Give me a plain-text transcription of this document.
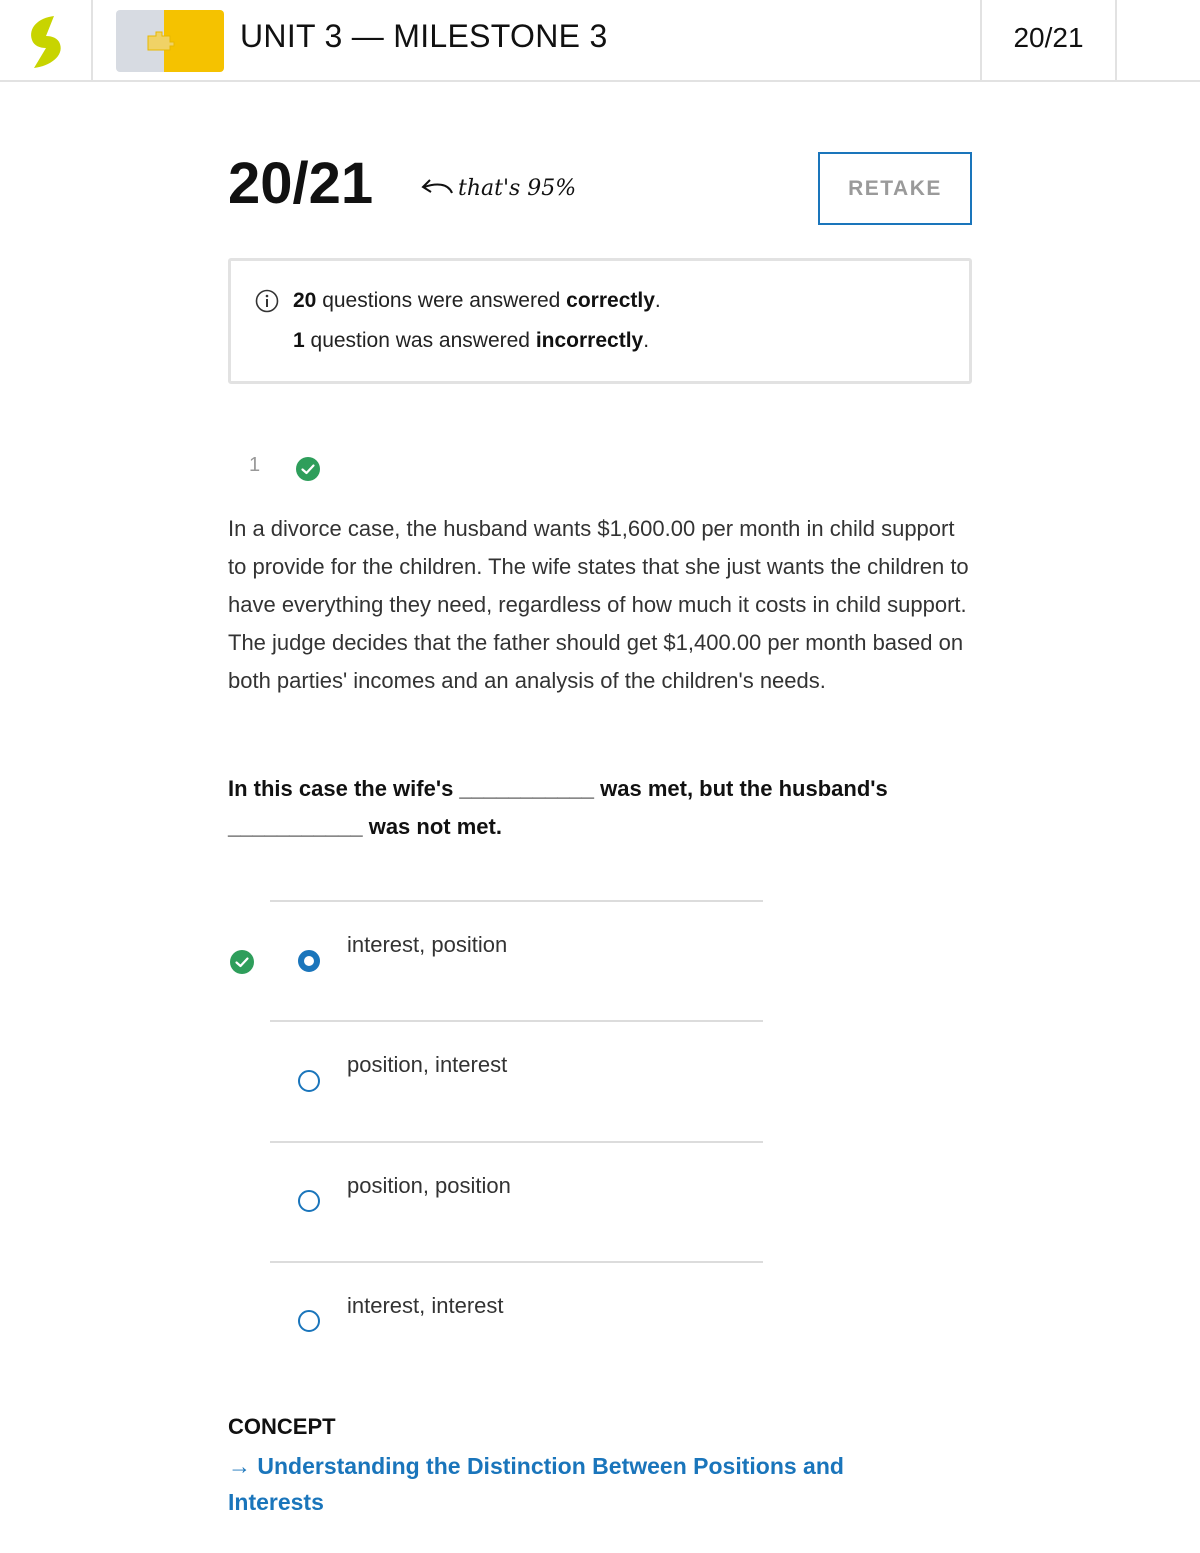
UNIT 3 — MILESTONE 3	20/21
20/21	that's 95%	RETAKE
20 questions were answered correctly.
1 question was answered incorrectly.
1
In a divorce case, the husband wants $1,600.00 per month in child support to provide for the children. The wife states that she just wants the children to have everything they need, regardless of how much it costs in child support. The judge decides that the father should get $1,400.00 per month based on both parties' incomes and an analysis of the children's needs.
In this case the wife's ___________ was met, but the husband's ___________ was not met.
interest, position
position, interest
position, position
interest, interest
CONCEPT
→ Understanding the Distinction Between Positions and Interests
